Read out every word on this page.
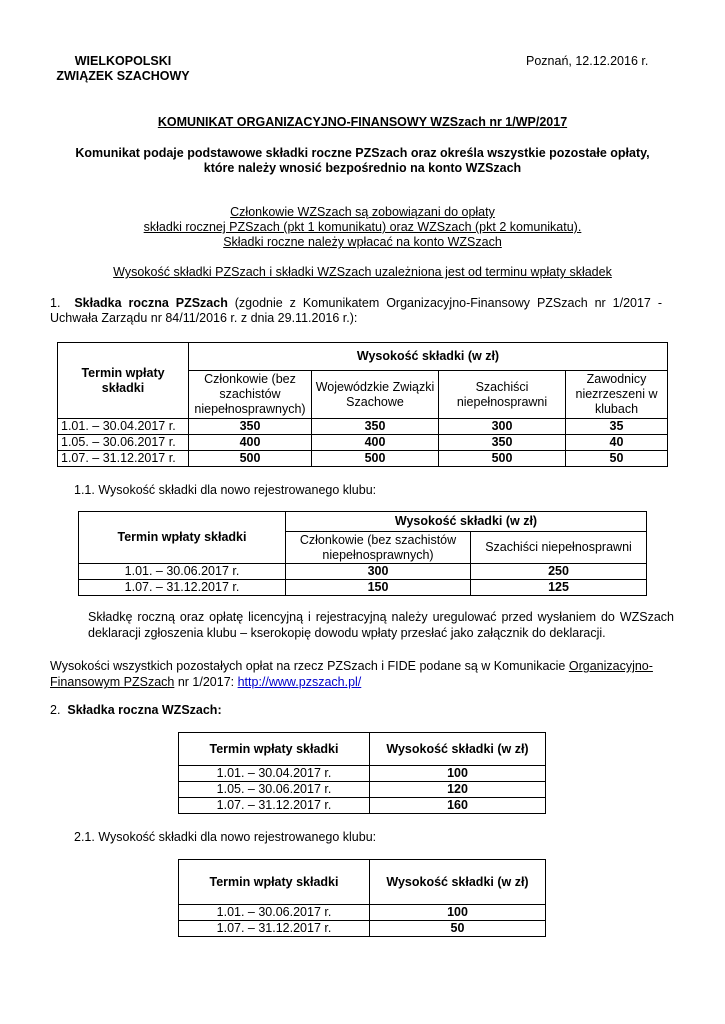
WIELKOPOLSKI
ZWIĄZEK SZACHOWY
Poznań, 12.12.2016 r.
KOMUNIKAT ORGANIZACYJNO-FINANSOWY WZSzach nr 1/WP/2017
Komunikat podaje podstawowe składki roczne PZSzach oraz określa wszystkie pozostałe opłaty,
które należy wnosić bezpośrednio na konto WZSzach
Członkowie WZSzach są zobowiązani do opłaty
składki rocznej PZSzach (pkt 1 komunikatu) oraz WZSzach (pkt 2 komunikatu).
Składki roczne należy wpłacać na konto WZSzach
Wysokość składki PZSzach i składki WZSzach uzależniona jest od terminu wpłaty składek
1. Składka roczna PZSzach (zgodnie z Komunikatem Organizacyjno-Finansowy PZSzach nr 1/2017 - Uchwała Zarządu nr 84/11/2016 r. z dnia 29.11.2016 r.):
Termin wpłaty składki	Wysokość składki (w zł)			
	Członkowie (bez szachistów niepełnosprawnych)	Wojewódzkie Związki Szachowe	Szachiści niepełnosprawni	Zawodnicy niezrzeszeni w klubach
1.01. – 30.04.2017 r.	350	350	300	35
1.05. – 30.06.2017 r.	400	400	350	40
1.07. – 31.12.2017 r.	500	500	500	50
1.1. Wysokość składki dla nowo rejestrowanego klubu:
Termin wpłaty składki	Wysokość składki (w zł)	
	Członkowie (bez szachistów niepełnosprawnych)	Szachiści niepełnosprawni
1.01. – 30.06.2017 r.	300	250
1.07. – 31.12.2017 r.	150	125
Składkę roczną oraz opłatę licencyjną i rejestracyjną należy uregulować przed wysłaniem do WZSzach deklaracji zgłoszenia klubu – kserokopię dowodu wpłaty przesłać jako załącznik do deklaracji.
Wysokości wszystkich pozostałych opłat na rzecz PZSzach i FIDE podane są w Komunikacie Organizacyjno-Finansowym PZSzach nr 1/2017: http://www.pzszach.pl/
2. Składka roczna WZSzach:
Termin wpłaty składki	Wysokość składki (w zł)
1.01. – 30.04.2017 r.	100
1.05. – 30.06.2017 r.	120
1.07. – 31.12.2017 r.	160
2.1. Wysokość składki dla nowo rejestrowanego klubu:
Termin wpłaty składki	Wysokość składki (w zł)
1.01. – 30.06.2017 r.	100
1.07. – 31.12.2017 r.	50
